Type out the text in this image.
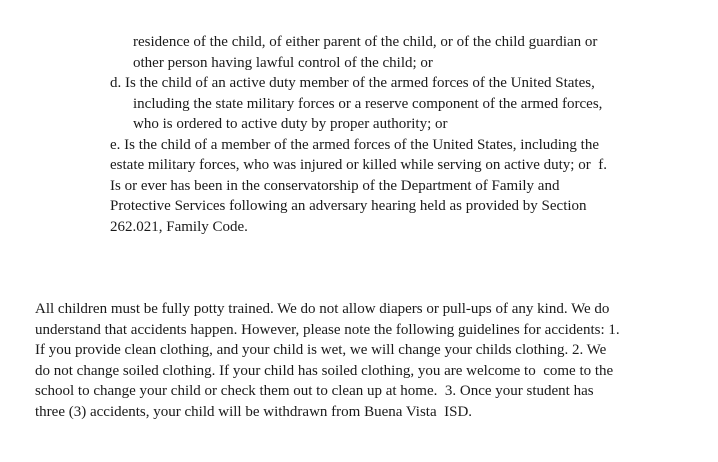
residence of the child, of either parent of the child, or of the child guardian or

other person having lawful control of the child; or

d. Is the child of an active duty member of the armed forces of the United States,

including the state military forces or a reserve component of the armed forces,

who is ordered to active duty by proper authority; or

e. Is the child of a member of the armed forces of the United States, including the

estate military forces, who was injured or killed while serving on active duty; or  f.

Is or ever has been in the conservatorship of the Department of Family and

Protective Services following an adversary hearing held as provided by Section

262.021, Family Code.

All children must be fully potty trained. We do not allow diapers or pull-ups of any kind. We do

understand that accidents happen. However, please note the following guidelines for accidents: 1.

If you provide clean clothing, and your child is wet, we will change your childs clothing. 2. We

do not change soiled clothing. If your child has soiled clothing, you are welcome to  come to the

school to change your child or check them out to clean up at home.  3. Once your student has

three (3) accidents, your child will be withdrawn from Buena Vista  ISD.
